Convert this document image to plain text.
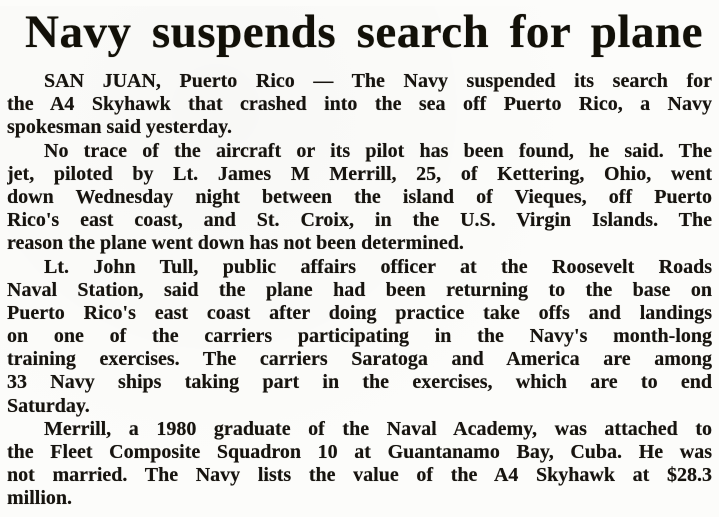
Navy suspends search for plane
SAN JUAN, Puerto Rico — The Navy suspended its search for
the A4 Skyhawk that crashed into the sea off Puerto Rico, a Navy
spokesman said yesterday.
No trace of the aircraft or its pilot has been found, he said. The
jet, piloted by Lt. James M Merrill, 25, of Kettering, Ohio, went
down Wednesday night between the island of Vieques, off Puerto
Rico's east coast, and St. Croix, in the U.S. Virgin Islands. The
reason the plane went down has not been determined.
Lt. John Tull, public affairs officer at the Roosevelt Roads
Naval Station, said the plane had been returning to the base on
Puerto Rico's east coast after doing practice take offs and landings
on one of the carriers participating in the Navy's month-long
training exercises. The carriers Saratoga and America are among
33 Navy ships taking part in the exercises, which are to end
Saturday.
Merrill, a 1980 graduate of the Naval Academy, was attached to
the Fleet Composite Squadron 10 at Guantanamo Bay, Cuba. He was
not married. The Navy lists the value of the A4 Skyhawk at $28.3
million.
